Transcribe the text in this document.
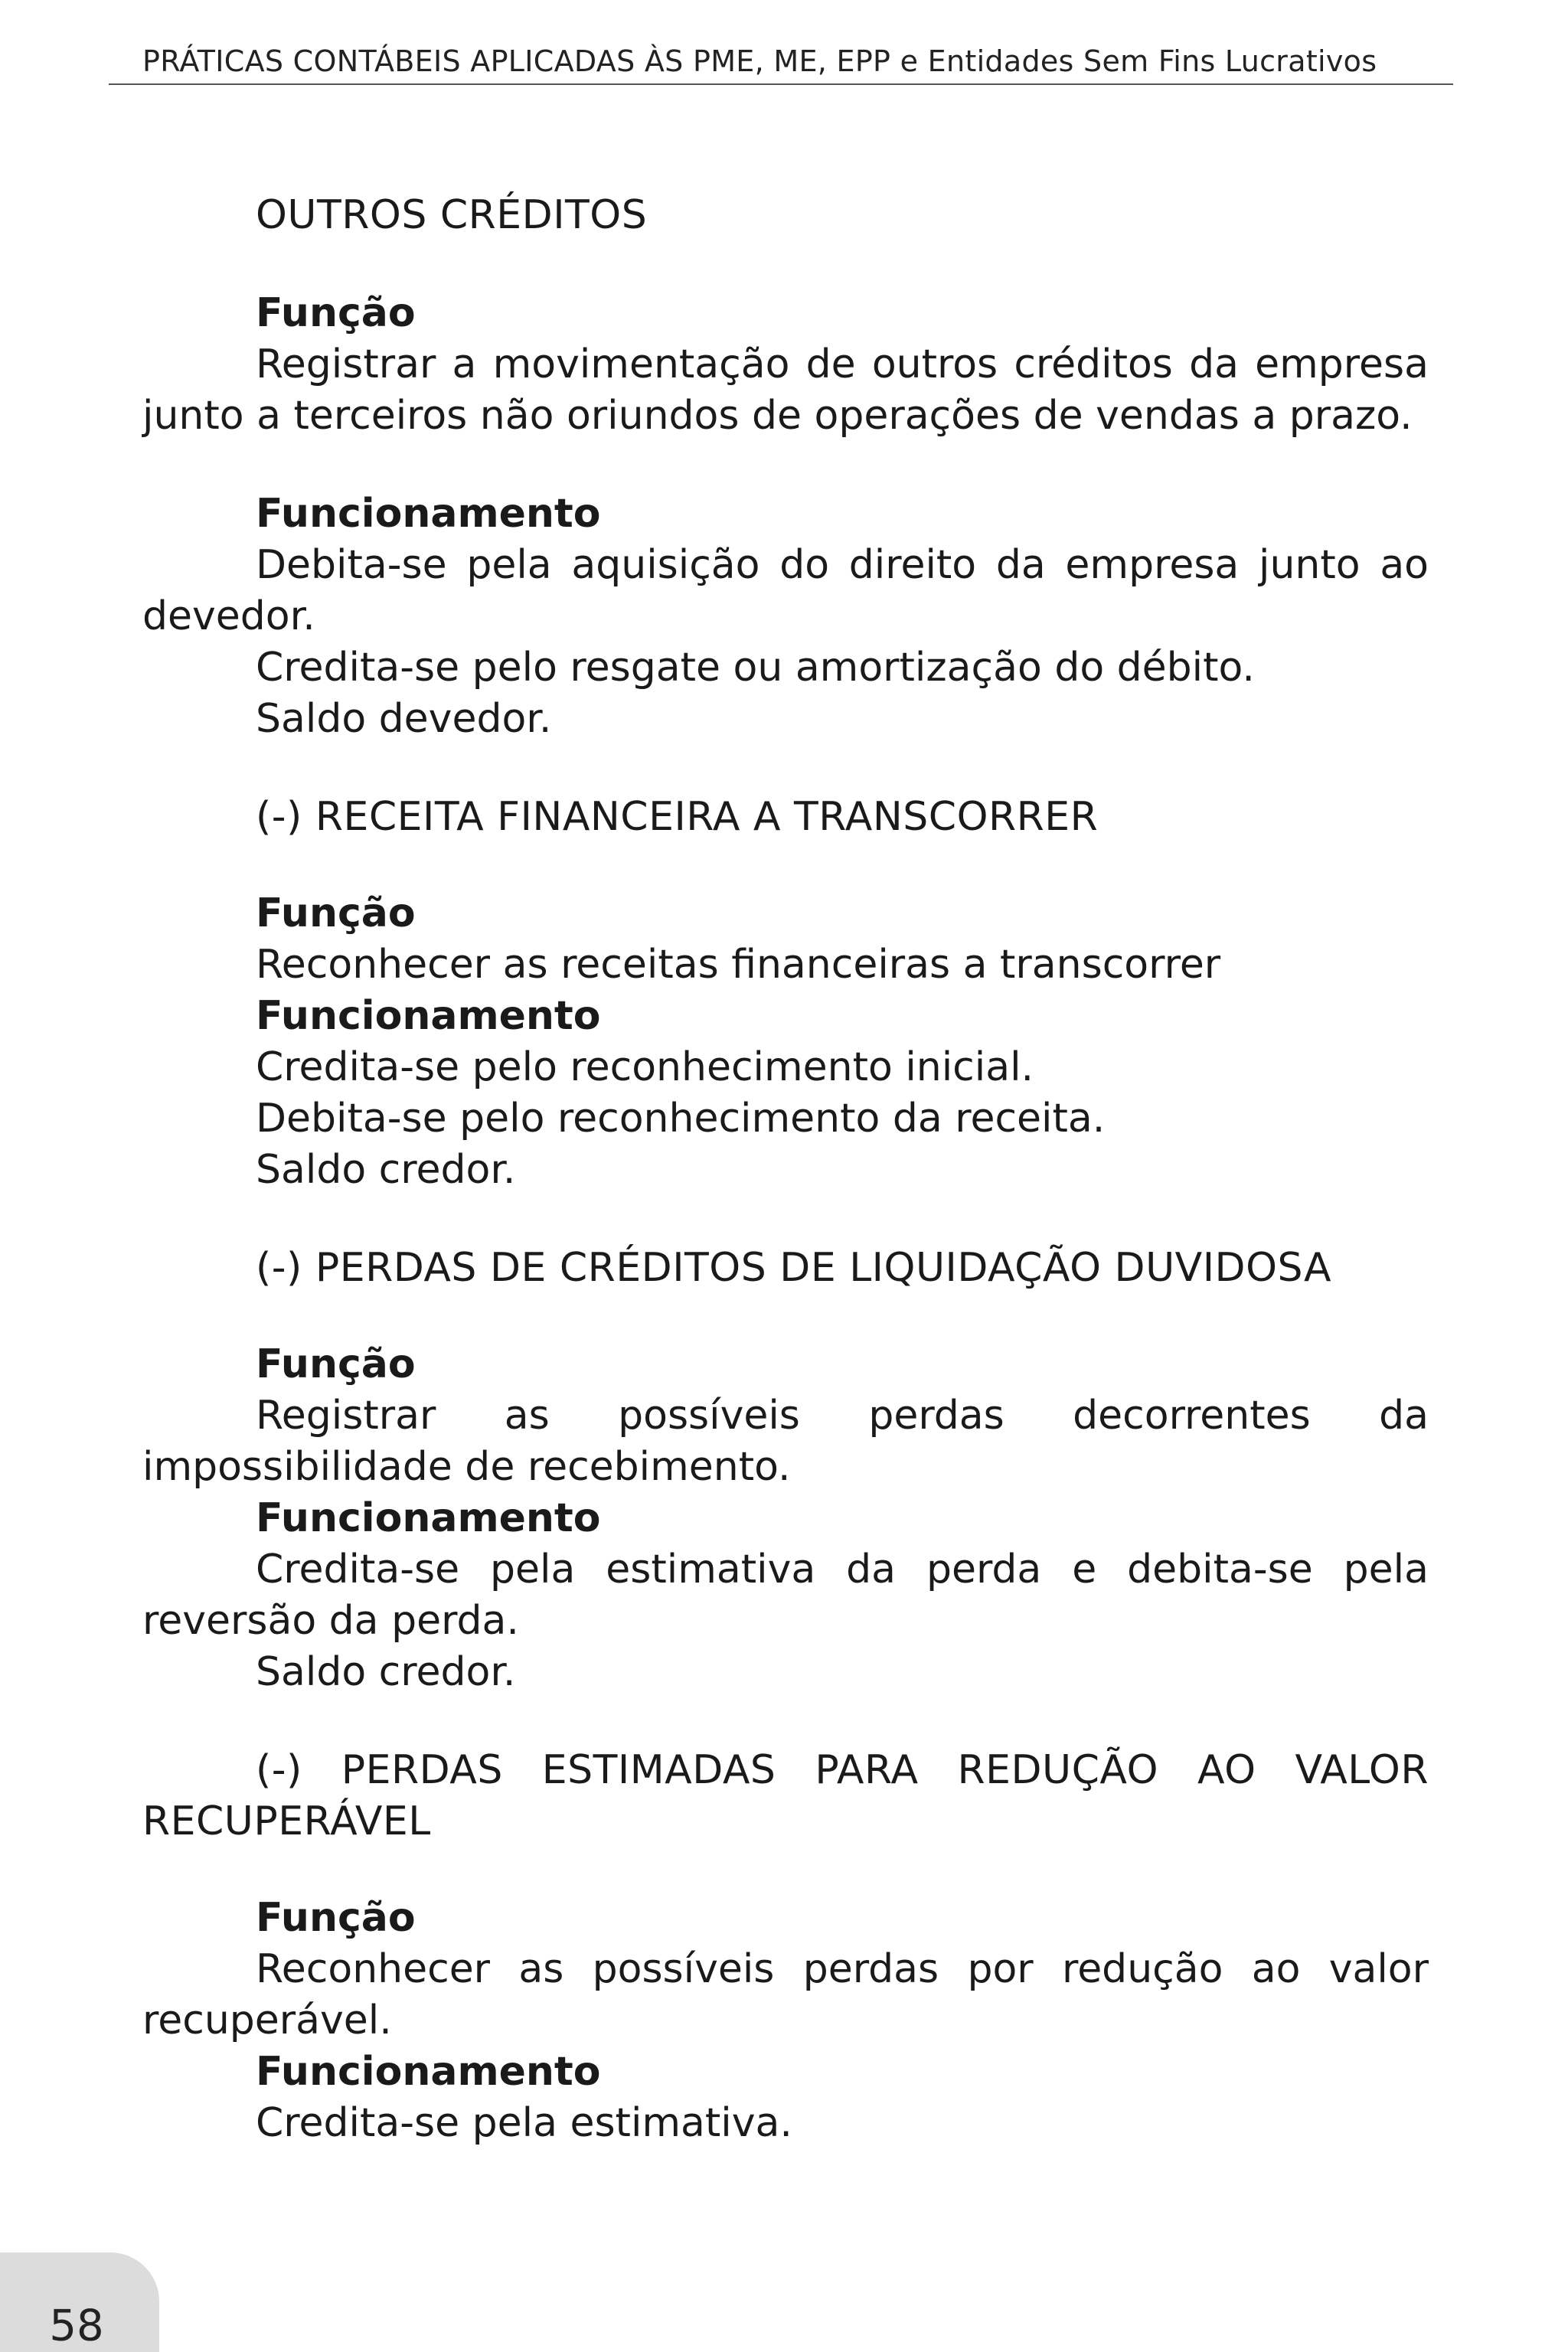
PRÁTICAS CONTÁBEIS APLICADAS ÀS PME, ME, EPP e Entidades Sem Fins Lucrativos
OUTROS CRÉDITOS
Função

Registrar a movimentação de outros créditos da empresa junto a terceiros não oriundos de operações de vendas a prazo.

Funcionamento

Debita-se pela aquisição do direito da empresa junto ao devedor.

Credita-se pelo resgate ou amortização do débito.
Saldo devedor.
(-) RECEITA FINANCEIRA A TRANSCORRER
Função
Reconhecer as receitas financeiras a transcorrer
Funcionamento
Credita-se pelo reconhecimento inicial.
Debita-se pelo reconhecimento da receita.
Saldo credor.
(-) PERDAS DE CRÉDITOS DE LIQUIDAÇÃO DUVIDOSA
Função

Registrar as possíveis perdas decorrentes da impossibilidade de recebimento.

Funcionamento

Credita-se pela estimativa da perda e debita-se pela reversão da perda.

Saldo credor.

(-) PERDAS ESTIMADAS PARA REDUÇÃO AO VALOR RECUPERÁVEL

Função

Reconhecer as possíveis perdas por redução ao valor recuperável.

Funcionamento
Credita-se pela estimativa.
58
